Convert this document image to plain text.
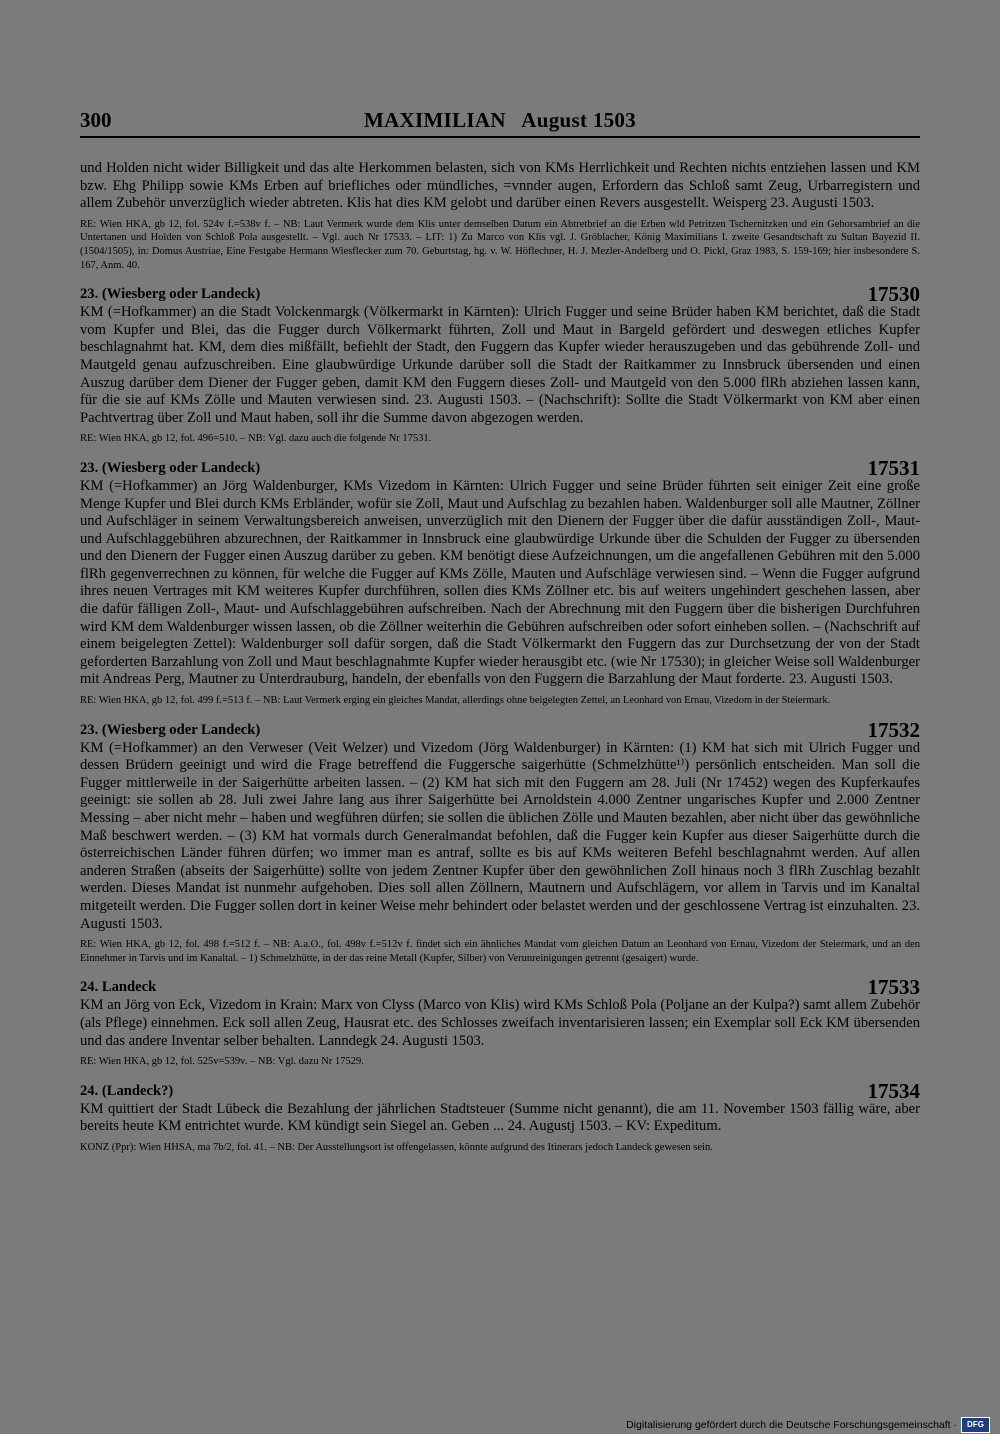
300	MAXIMILIAN   August 1503

und Holden nicht wider Billigkeit und das alte Herkommen belasten, sich von KMs Herrlichkeit und Rechten nichts entziehen lassen und KM bzw. Ehg Philipp sowie KMs Erben auf briefliches oder mündliches, =vnnder augen, Erfordern das Schloß samt Zeug, Urbarregistern und allem Zubehör unverzüglich wieder abtreten. Klis hat dies KM gelobt und darüber einen Revers ausgestellt. Weisperg 23. Augusti 1503.

RE: Wien HKA, gb 12, fol. 524v f.=538v f. – NB: Laut Vermerk wurde dem Klis unter demselben Datum ein Abtretbrief an die Erben wld Petritzen Tschernitzken und ein Gehorsambrief an die Untertanen und Holden von Schloß Pola ausgestellt. – Vgl. auch Nr 17533. – LIT: 1) Zu Marco von Klis vgl. J. Gröblacher, König Maximilians I. zweite Gesandtschaft zu Sultan Bayezid II. (1504/1505), in: Domus Austriae, Eine Festgabe Hermann Wiesflecker zum 70. Geburtstag, hg. v. W. Höflechner, H. J. Mezler-Andelberg und O. Pickl, Graz 1983, S. 159-169; hier insbesondere S. 167, Anm. 40.

23. (Wiesberg oder Landeck)	17530

KM (=Hofkammer) an die Stadt Volckenmargk (Völkermarkt in Kärnten): Ulrich Fugger und seine Brüder haben KM berichtet, daß die Stadt vom Kupfer und Blei, das die Fugger durch Völkermarkt führten, Zoll und Maut in Bargeld gefördert und deswegen etliches Kupfer beschlagnahmt hat. KM, dem dies mißfällt, befiehlt der Stadt, den Fuggern das Kupfer wieder herauszugeben und das gebührende Zoll- und Mautgeld genau aufzuschreiben. Eine glaubwürdige Urkunde darüber soll die Stadt der Raitkammer zu Innsbruck übersenden und einen Auszug darüber dem Diener der Fugger geben, damit KM den Fuggern dieses Zoll- und Mautgeld von den 5.000 flRh abziehen lassen kann, für die sie auf KMs Zölle und Mauten verwiesen sind. 23. Augusti 1503. – (Nachschrift): Sollte die Stadt Völkermarkt von KM aber einen Pachtvertrag über Zoll und Maut haben, soll ihr die Summe davon abgezogen werden.

RE: Wien HKA, gb 12, fol. 496=510. – NB: Vgl. dazu auch die folgende Nr 17531.

23. (Wiesberg oder Landeck)	17531

KM (=Hofkammer) an Jörg Waldenburger, KMs Vizedom in Kärnten: Ulrich Fugger und seine Brüder führten seit einiger Zeit eine große Menge Kupfer und Blei durch KMs Erbländer, wofür sie Zoll, Maut und Aufschlag zu bezahlen haben. Waldenburger soll alle Mautner, Zöllner und Aufschläger in seinem Verwaltungsbereich anweisen, unverzüglich mit den Dienern der Fugger über die dafür ausständigen Zoll-, Maut- und Aufschlaggebühren abzurechnen, der Raitkammer in Innsbruck eine glaubwürdige Urkunde über die Schulden der Fugger zu übersenden und den Dienern der Fugger einen Auszug darüber zu geben. KM benötigt diese Aufzeichnungen, um die angefallenen Gebühren mit den 5.000 flRh gegenverrechnen zu können, für welche die Fugger auf KMs Zölle, Mauten und Aufschläge verwiesen sind. – Wenn die Fugger aufgrund ihres neuen Vertrages mit KM weiteres Kupfer durchführen, sollen dies KMs Zöllner etc. bis auf weiters ungehindert geschehen lassen, aber die dafür fälligen Zoll-, Maut- und Aufschlaggebühren aufschreiben. Nach der Abrechnung mit den Fuggern über die bisherigen Durchfuhren wird KM dem Waldenburger wissen lassen, ob die Zöllner weiterhin die Gebühren aufschreiben oder sofort einheben sollen. – (Nachschrift auf einem beigelegten Zettel): Waldenburger soll dafür sorgen, daß die Stadt Völkermarkt den Fuggern das zur Durchsetzung der von der Stadt geforderten Barzahlung von Zoll und Maut beschlagnahmte Kupfer wieder herausgibt etc. (wie Nr 17530); in gleicher Weise soll Waldenburger mit Andreas Perg, Mautner zu Unterdrauburg, handeln, der ebenfalls von den Fuggern die Barzahlung der Maut forderte. 23. Augusti 1503.

RE: Wien HKA, gb 12, fol. 499 f.=513 f. – NB: Laut Vermerk erging ein gleiches Mandat, allerdings ohne beigelegten Zettel, an Leonhard von Ernau, Vizedom in der Steiermark.

23. (Wiesberg oder Landeck)	17532

KM (=Hofkammer) an den Verweser (Veit Welzer) und Vizedom (Jörg Waldenburger) in Kärnten: (1) KM hat sich mit Ulrich Fugger und dessen Brüdern geeinigt und wird die Frage betreffend die Fuggersche saigerhütte (Schmelzhütte¹⁾) persönlich entscheiden. Man soll die Fugger mittlerweile in der Saigerhütte arbeiten lassen. – (2) KM hat sich mit den Fuggern am 28. Juli (Nr 17452) wegen des Kupferkaufes geeinigt: sie sollen ab 28. Juli zwei Jahre lang aus ihrer Saigerhütte bei Arnoldstein 4.000 Zentner ungarisches Kupfer und 2.000 Zentner Messing – aber nicht mehr – haben und wegführen dürfen; sie sollen die üblichen Zölle und Mauten bezahlen, aber nicht über das gewöhnliche Maß beschwert werden. – (3) KM hat vormals durch Generalmandat befohlen, daß die Fugger kein Kupfer aus dieser Saigerhütte durch die österreichischen Länder führen dürfen; wo immer man es antraf, sollte es bis auf KMs weiteren Befehl beschlagnahmt werden. Auf allen anderen Straßen (abseits der Saigerhütte) sollte von jedem Zentner Kupfer über den gewöhnlichen Zoll hinaus noch 3 flRh Zuschlag bezahlt werden. Dieses Mandat ist nunmehr aufgehoben. Dies soll allen Zöllnern, Mautnern und Aufschlägern, vor allem in Tarvis und im Kanaltal mitgeteilt werden. Die Fugger sollen dort in keiner Weise mehr behindert oder belastet werden und der geschlossene Vertrag ist einzuhalten. 23. Augusti 1503.

RE: Wien HKA, gb 12, fol. 498 f.=512 f. – NB: A.a.O., fol. 498v f.=512v f. findet sich ein ähnliches Mandat vom gleichen Datum an Leonhard von Ernau, Vizedom der Steiermark, und an den Einnehmer in Tarvis und im Kanaltal. – 1) Schmelzhütte, in der das reine Metall (Kupfer, Silber) von Verunreinigungen getrennt (gesaigert) wurde.

24. Landeck	17533

KM an Jörg von Eck, Vizedom in Krain: Marx von Clyss (Marco von Klis) wird KMs Schloß Pola (Poljane an der Kulpa?) samt allem Zubehör (als Pflege) einnehmen. Eck soll allen Zeug, Hausrat etc. des Schlosses zweifach inventarisieren lassen; ein Exemplar soll Eck KM übersenden und das andere Inventar selber behalten. Lanndegk 24. Augusti 1503.

RE: Wien HKA, gb 12, fol. 525v=539v. – NB: Vgl. dazu Nr 17529.

24. (Landeck?)	17534

KM quittiert der Stadt Lübeck die Bezahlung der jährlichen Stadtsteuer (Summe nicht genannt), die am 11. November 1503 fällig wäre, aber bereits heute KM entrichtet wurde. KM kündigt sein Siegel an. Geben ... 24. Augustj 1503. – KV: Expeditum.

KONZ (Ppr): Wien HHSA, ma 7b/2, fol. 41. – NB: Der Ausstellungsort ist offengelassen, könnte aufgrund des Itinerars jedoch Landeck gewesen sein.

Digitalisierung gefördert durch die Deutsche Forschungsgemeinschaft · DFG
